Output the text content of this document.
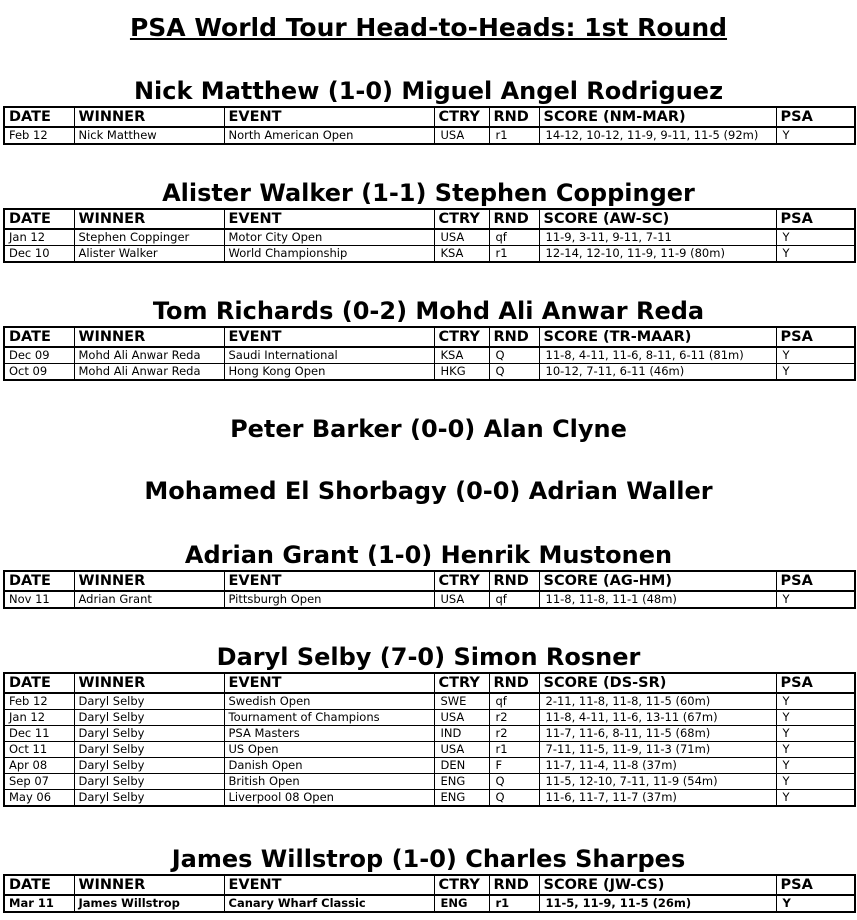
PSA World Tour Head-to-Heads: 1st Round
Nick Matthew (1-0) Miguel Angel Rodriguez
DATE	WINNER	EVENT	CTRY	RND	SCORE (NM-MAR)	PSA
Feb 12	Nick Matthew	North American Open	USA	r1	14-12, 10-12, 11-9, 9-11, 11-5 (92m)	Y
Alister Walker (1-1) Stephen Coppinger
DATE	WINNER	EVENT	CTRY	RND	SCORE (AW-SC)	PSA
Jan 12	Stephen Coppinger	Motor City Open	USA	qf	11-9, 3-11, 9-11, 7-11	Y
Dec 10	Alister Walker	World Championship	KSA	r1	12-14, 12-10, 11-9, 11-9 (80m)	Y
Tom Richards (0-2) Mohd Ali Anwar Reda
DATE	WINNER	EVENT	CTRY	RND	SCORE (TR-MAAR)	PSA
Dec 09	Mohd Ali Anwar Reda	Saudi International	KSA	Q	11-8, 4-11, 11-6, 8-11, 6-11 (81m)	Y
Oct 09	Mohd Ali Anwar Reda	Hong Kong Open	HKG	Q	10-12, 7-11, 6-11 (46m)	Y
Peter Barker (0-0) Alan Clyne
Mohamed El Shorbagy (0-0) Adrian Waller
Adrian Grant (1-0) Henrik Mustonen
DATE	WINNER	EVENT	CTRY	RND	SCORE (AG-HM)	PSA
Nov 11	Adrian Grant	Pittsburgh Open	USA	qf	11-8, 11-8, 11-1 (48m)	Y
Daryl Selby (7-0) Simon Rosner
DATE	WINNER	EVENT	CTRY	RND	SCORE (DS-SR)	PSA
Feb 12	Daryl Selby	Swedish Open	SWE	qf	2-11, 11-8, 11-8, 11-5 (60m)	Y
Jan 12	Daryl Selby	Tournament of Champions	USA	r2	11-8, 4-11, 11-6, 13-11 (67m)	Y
Dec 11	Daryl Selby	PSA Masters	IND	r2	11-7, 11-6, 8-11, 11-5 (68m)	Y
Oct 11	Daryl Selby	US Open	USA	r1	7-11, 11-5, 11-9, 11-3 (71m)	Y
Apr 08	Daryl Selby	Danish Open	DEN	F	11-7, 11-4, 11-8 (37m)	Y
Sep 07	Daryl Selby	British Open	ENG	Q	11-5, 12-10, 7-11, 11-9 (54m)	Y
May 06	Daryl Selby	Liverpool 08 Open	ENG	Q	11-6, 11-7, 11-7 (37m)	Y
James Willstrop (1-0) Charles Sharpes
DATE	WINNER	EVENT	CTRY	RND	SCORE (JW-CS)	PSA
Mar 11	James Willstrop	Canary Wharf Classic	ENG	r1	11-5, 11-9, 11-5 (26m)	Y
